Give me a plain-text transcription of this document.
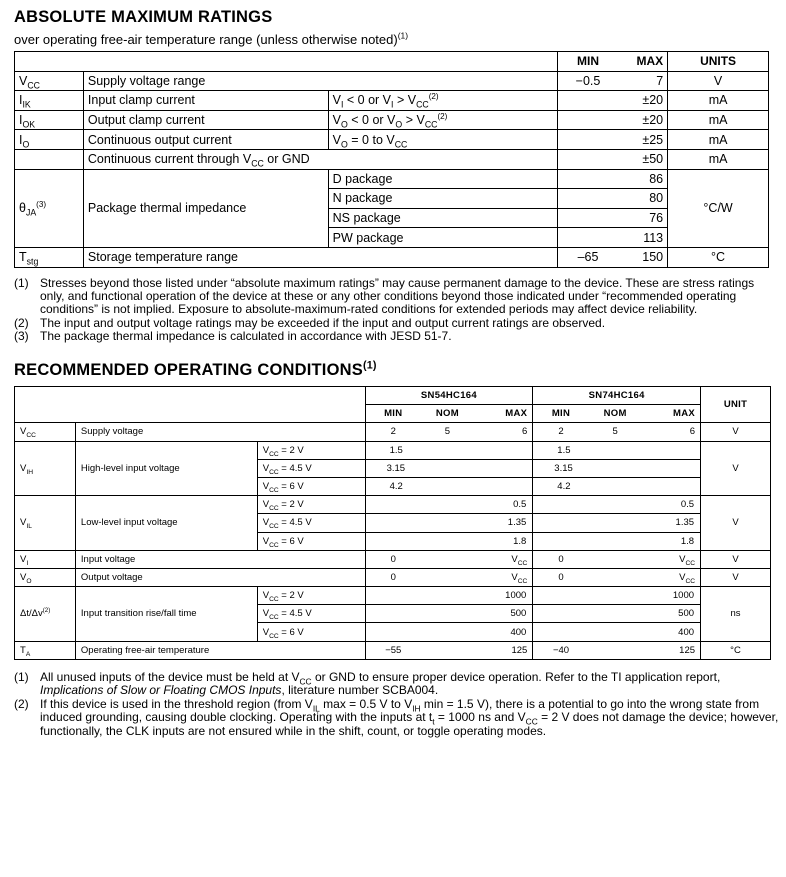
ABSOLUTE MAXIMUM RATINGS
over operating free-air temperature range (unless otherwise noted)$^{(1)}$
			MIN	MAX	UNITS
$V_{CC}$	Supply voltage range		−0.5	7	V
$I_{IK}$	Input clamp current	$V_I < 0$ or $V_I > V_{CC}^{(2)}$		±20	mA
$I_{OK}$	Output clamp current	$V_O < 0$ or $V_O > V_{CC}^{(2)}$		±20	mA
$I_O$	Continuous output current	$V_O = 0$ to $V_{CC}$		±25	mA
	Continuous current through $V_{CC}$ or GND			±50	mA
$\theta_{JA}^{(3)}$	Package thermal impedance	D package		86	°C/W
		N package		80	
		NS package		76	
		PW package		113	
$T_{stg}$	Storage temperature range		–65	150	°C
(1) Stresses beyond those listed under “absolute maximum ratings” may cause permanent damage to the device. These are stress ratings only, and functional operation of the device at these or any other conditions beyond those indicated under “recommended operating conditions” is not implied. Exposure to absolute-maximum-rated conditions for extended periods may affect device reliability.
(2) The input and output voltage ratings may be exceeded if the input and output current ratings are observed.
(3) The package thermal impedance is calculated in accordance with JESD 51-7.
RECOMMENDED OPERATING CONDITIONS$^{(1)}$
			SN54HC164			SN74HC164			UNIT
			MIN	NOM	MAX	MIN	NOM	MAX	
$V_{CC}$	Supply voltage		2	5	6	2	5	6	V
$V_{IH}$	High-level input voltage	$V_{CC} = 2$ V	1.5			1.5			V
		$V_{CC} = 4.5$ V	3.15			3.15			
		$V_{CC} = 6$ V	4.2			4.2			
$V_{IL}$	Low-level input voltage	$V_{CC} = 2$ V	0.5			0.5			V
		$V_{CC} = 4.5$ V	1.35			1.35			
		$V_{CC} = 6$ V	1.8			1.8			
$V_I$	Input voltage		0	$V_{CC}$		0	$V_{CC}$		V
$V_O$	Output voltage		0	$V_{CC}$		0	$V_{CC}$		V
$\Delta t/\Delta v^{(2)}$	Input transition rise/fall time	$V_{CC} = 2$ V	1000			1000			ns
		$V_{CC} = 4.5$ V	500			500			
		$V_{CC} = 6$ V	400			400			
$T_A$	Operating free-air temperature		−55	125		−40	125		°C
(1) All unused inputs of the device must be held at $V_{CC}$ or GND to ensure proper device operation. Refer to the TI application report, Implications of Slow or Floating CMOS Inputs, literature number SCBA004.
(2) If this device is used in the threshold region (from $V_{IL}$ max = 0.5 V to $V_{IH}$ min = 1.5 V), there is a potential to go into the wrong state from induced grounding, causing double clocking. Operating with the inputs at $t_t = 1000$ ns and $V_{CC} = 2$ V does not damage the device; however, functionally, the CLK inputs are not ensured while in the shift, count, or toggle operating modes.
